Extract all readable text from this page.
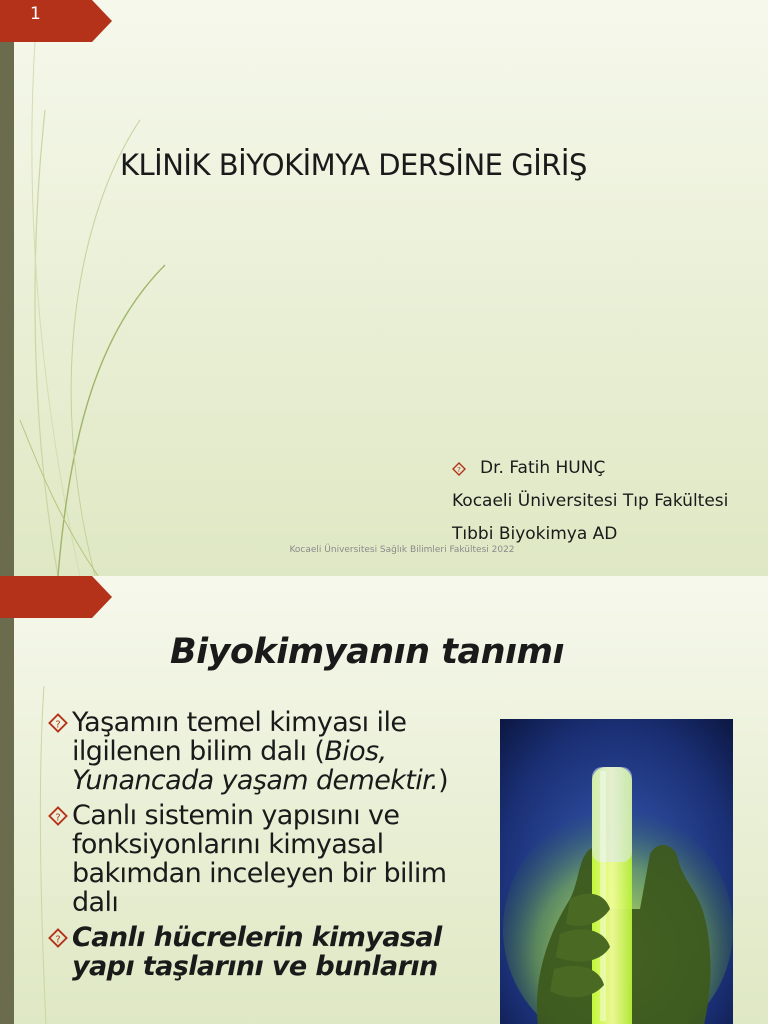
1
KLİNİK BİYOKİMYA DERSİNE GİRİŞ
? Dr. Fatih HUNÇ
Kocaeli Üniversitesi Tıp Fakültesi
Tıbbi Biyokimya AD
Kocaeli Üniversitesi Sağlık Bilimleri Fakültesi 2022
Biyokimyanın tanımı
? Yaşamın temel kimyası ile ilgilenen bilim dalı (Bios, Yunancada yaşam demektir.)
? Canlı sistemin yapısını ve fonksiyonlarını kimyasal bakımdan inceleyen bir bilim dalı
? Canlı hücrelerin kimyasal yapı taşlarını ve bunların
